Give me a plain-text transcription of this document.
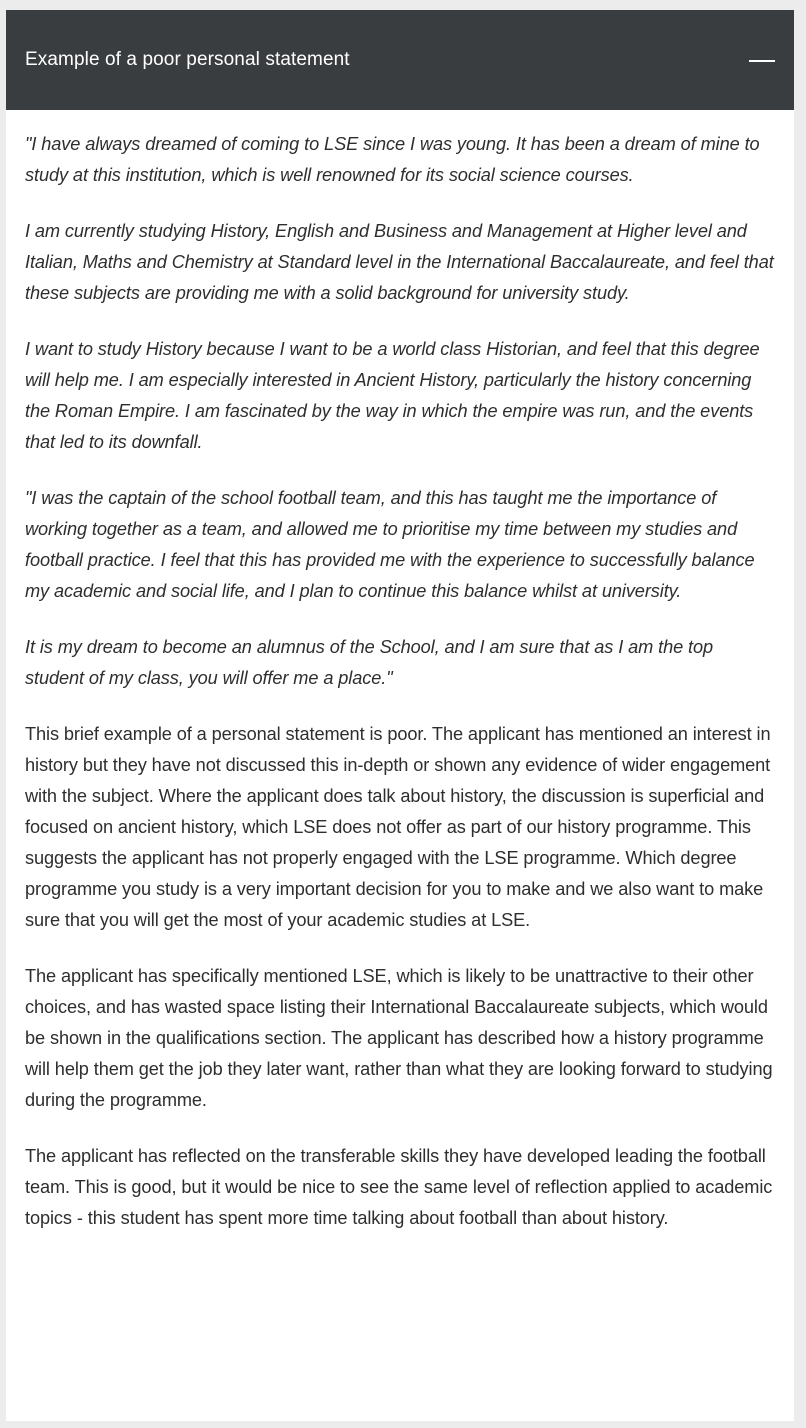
Example of a poor personal statement

"I have always dreamed of coming to LSE since I was young. It has been a dream of mine to study at this institution, which is well renowned for its social science courses.

I am currently studying History, English and Business and Management at Higher level and Italian, Maths and Chemistry at Standard level in the International Baccalaureate, and feel that these subjects are providing me with a solid background for university study.

I want to study History because I want to be a world class Historian, and feel that this degree will help me. I am especially interested in Ancient History, particularly the history concerning the Roman Empire. I am fascinated by the way in which the empire was run, and the events that led to its downfall.

"I was the captain of the school football team, and this has taught me the importance of working together as a team, and allowed me to prioritise my time between my studies and football practice. I feel that this has provided me with the experience to successfully balance my academic and social life, and I plan to continue this balance whilst at university.

It is my dream to become an alumnus of the School, and I am sure that as I am the top student of my class, you will offer me a place."

This brief example of a personal statement is poor. The applicant has mentioned an interest in history but they have not discussed this in-depth or shown any evidence of wider engagement with the subject. Where the applicant does talk about history, the discussion is superficial and focused on ancient history, which LSE does not offer as part of our history programme. This suggests the applicant has not properly engaged with the LSE programme. Which degree programme you study is a very important decision for you to make and we also want to make sure that you will get the most of your academic studies at LSE.

The applicant has specifically mentioned LSE, which is likely to be unattractive to their other choices, and has wasted space listing their International Baccalaureate subjects, which would be shown in the qualifications section. The applicant has described how a history programme will help them get the job they later want, rather than what they are looking forward to studying during the programme.

The applicant has reflected on the transferable skills they have developed leading the football team. This is good, but it would be nice to see the same level of reflection applied to academic topics - this student has spent more time talking about football than about history.
